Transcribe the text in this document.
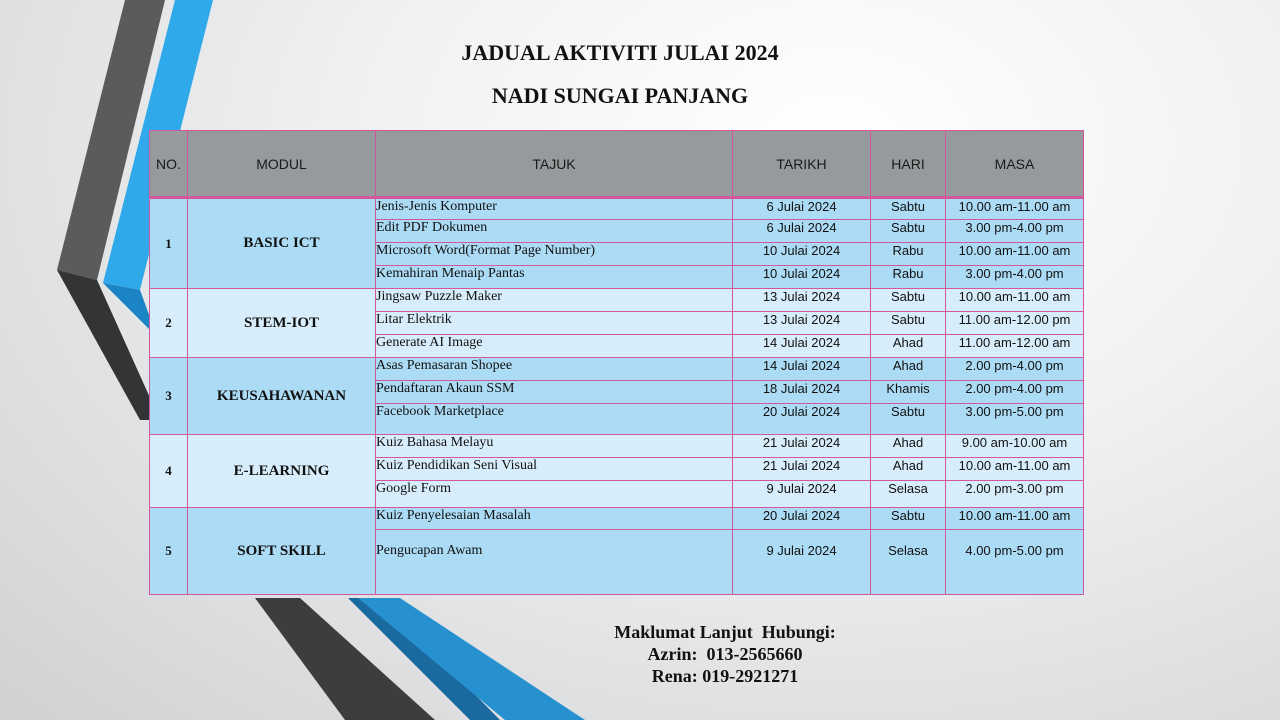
JADUAL AKTIVITI JULAI 2024
NADI SUNGAI PANJANG
NO.	MODUL	TAJUK	TARIKH	HARI	MASA
1	BASIC ICT	Jenis-Jenis Komputer	6 Julai 2024	Sabtu	10.00 am-11.00 am
		Edit PDF Dokumen	6 Julai 2024	Sabtu	3.00 pm-4.00 pm
		Microsoft Word(Format Page Number)	10 Julai 2024	Rabu	10.00 am-11.00 am
		Kemahiran Menaip Pantas	10 Julai 2024	Rabu	3.00 pm-4.00 pm
2	STEM-IOT	Jingsaw Puzzle Maker	13 Julai 2024	Sabtu	10.00 am-11.00 am
		Litar Elektrik	13 Julai 2024	Sabtu	11.00 am-12.00 pm
		Generate AI Image	14 Julai 2024	Ahad	11.00 am-12.00 am
3	KEUSAHAWANAN	Asas Pemasaran Shopee	14 Julai 2024	Ahad	2.00 pm-4.00 pm
		Pendaftaran Akaun SSM	18 Julai 2024	Khamis	2.00 pm-4.00 pm
		Facebook Marketplace	20 Julai 2024	Sabtu	3.00 pm-5.00 pm
4	E-LEARNING	Kuiz Bahasa Melayu	21 Julai 2024	Ahad	9.00 am-10.00 am
		Kuiz Pendidikan Seni Visual	21 Julai 2024	Ahad	10.00 am-11.00 am
		Google Form	9 Julai 2024	Selasa	2.00 pm-3.00 pm
5	SOFT SKILL	Kuiz Penyelesaian Masalah	20 Julai 2024	Sabtu	10.00 am-11.00 am
		Pengucapan Awam	9 Julai 2024	Selasa	4.00 pm-5.00 pm
Maklumat Lanjut  Hubungi:
Azrin:  013-2565660
Rena: 019-2921271
